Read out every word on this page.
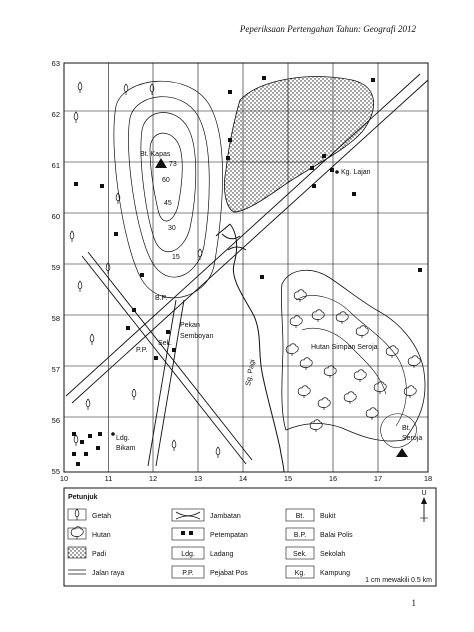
Peperiksaan Pertengahan Tahun: Geografi 2012
Bt. Kapas
73
Kg. Lajan
B.P.
Pekan
Semboyan
Sek.
P.P.	Hutan Simpan Seroja
Ldg.
Bikam
Bt.
Seroja
Sg. Pagi
60
45
30
15
10	11	12	13	14	15	16	17	18
55
56
57
58
59
60
61
62
63
Petunjuk
Getah
Hutan
Padi
Jalan raya
Jambatan
Petempatan
Ldg. Ladang
P.P. Pejabat Pos
Bt. Bukit
B.P. Balai Polis
Sek. Sekolah
Kg. Kampung
U
1 cm mewakili 0.5 km
1
